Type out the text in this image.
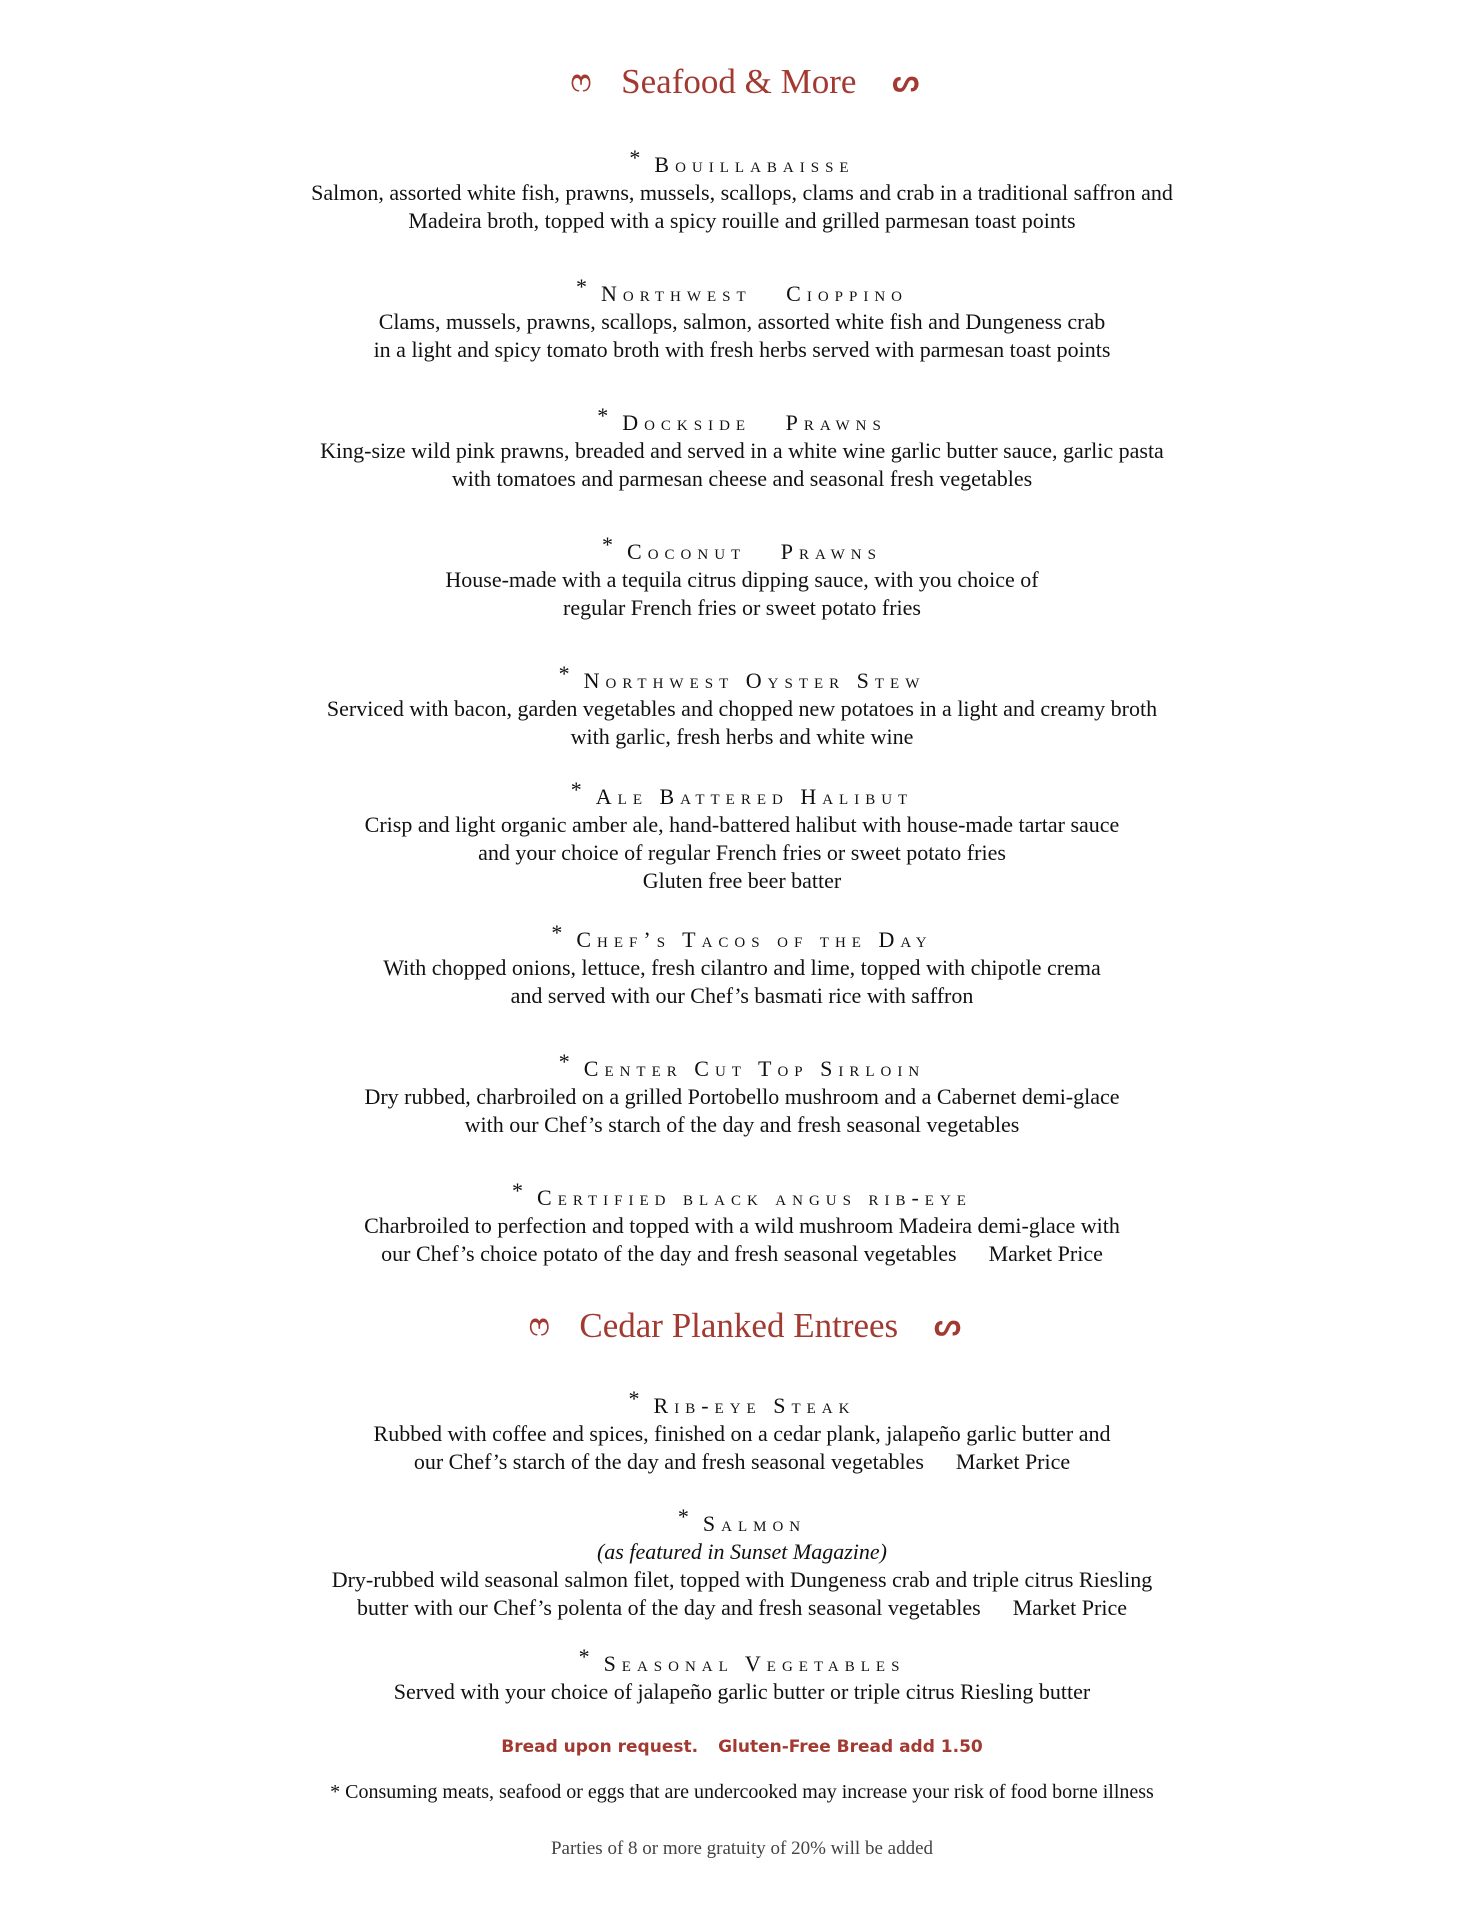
ෆ Seafood & More ᔕ
* Bouillabaisse
Salmon, assorted white fish, prawns, mussels, scallops, clams and crab in a traditional saffron and
Madeira broth, topped with a spicy rouille and grilled parmesan toast points
* Northwest   Cioppino
Clams, mussels, prawns, scallops, salmon, assorted white fish and Dungeness crab
in a light and spicy tomato broth with fresh herbs served with parmesan toast points
* Dockside   Prawns
King-size wild pink prawns, breaded and served in a white wine garlic butter sauce, garlic pasta
with tomatoes and parmesan cheese and seasonal fresh vegetables
* Coconut   Prawns
House-made with a tequila citrus dipping sauce, with you choice of
regular French fries or sweet potato fries
* Northwest Oyster Stew
Serviced with bacon, garden vegetables and chopped new potatoes in a light and creamy broth
with garlic, fresh herbs and white wine
* Ale Battered Halibut
Crisp and light organic amber ale, hand-battered halibut with house-made tartar sauce
and your choice of regular French fries or sweet potato fries
Gluten free beer batter
* Chef’s Tacos of the Day
With chopped onions, lettuce, fresh cilantro and lime, topped with chipotle crema
and served with our Chef’s basmati rice with saffron
* Center Cut Top Sirloin
Dry rubbed, charbroiled on a grilled Portobello mushroom and a Cabernet demi-glace
with our Chef’s starch of the day and fresh seasonal vegetables
* Certified black angus rib-eye
Charbroiled to perfection and topped with a wild mushroom Madeira demi-glace with
our Chef’s choice potato of the day and fresh seasonal vegetables Market Price
ෆ Cedar Planked Entrees ᔕ
* Rib-eye Steak
Rubbed with coffee and spices, finished on a cedar plank, jalapeño garlic butter and
our Chef’s starch of the day and fresh seasonal vegetables Market Price
* Salmon
(as featured in Sunset Magazine)
Dry-rubbed wild seasonal salmon filet, topped with Dungeness crab and triple citrus Riesling
butter with our Chef’s polenta of the day and fresh seasonal vegetables Market Price
* Seasonal Vegetables
Served with your choice of jalapeño garlic butter or triple citrus Riesling butter
Bread upon request. Gluten-Free Bread add 1.50
* Consuming meats, seafood or eggs that are undercooked may increase your risk of food borne illness
Parties of 8 or more gratuity of 20% will be added
